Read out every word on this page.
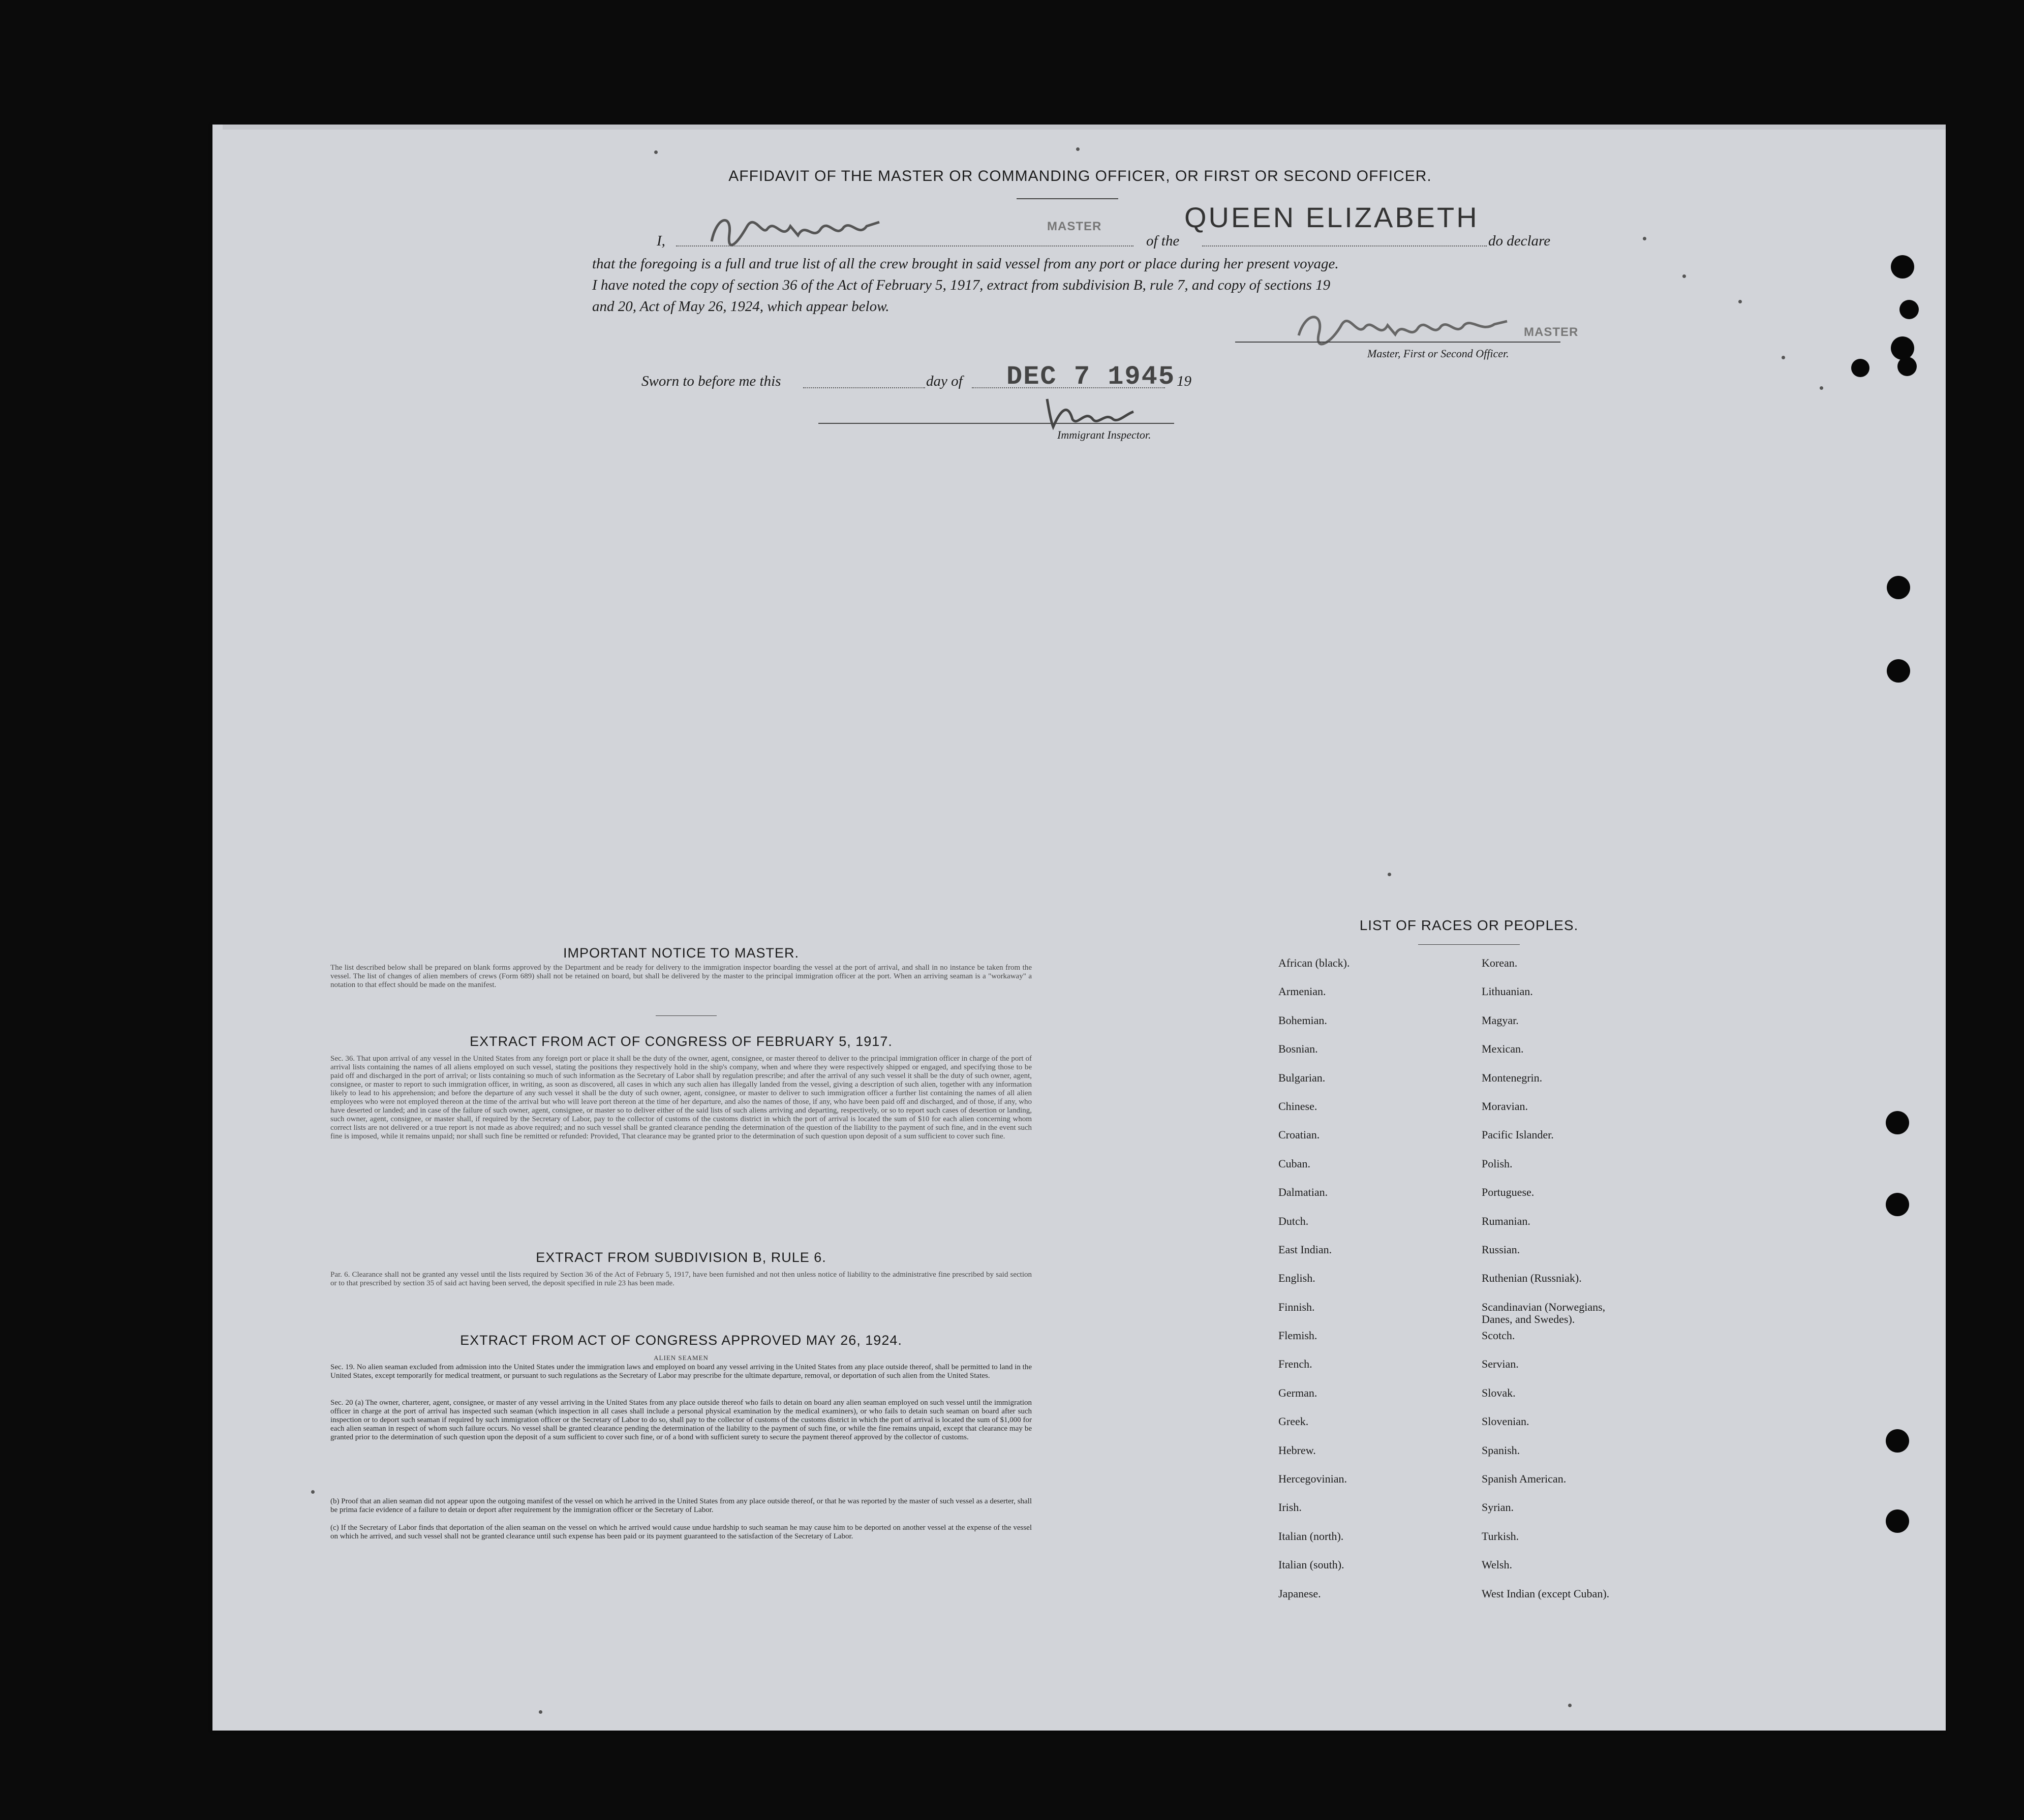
AFFIDAVIT OF THE MASTER OR COMMANDING OFFICER, OR FIRST OR SECOND OFFICER.
I,
MASTER
of the
QUEEN ELIZABETH
do declare
that the foregoing is a full and true list of all the crew brought in said vessel from any port or place during her present voyage.
I have noted the copy of section 36 of the Act of February 5, 1917, extract from subdivision B, rule 7, and copy of sections 19
and 20, Act of May 26, 1924, which appear below.
MASTER
Master, First or Second Officer.
Sworn to before me this	day of DEC 7 1945 19
Immigrant Inspector.
IMPORTANT NOTICE TO MASTER.

The list described below shall be prepared on blank forms approved by the Department and be ready for delivery to the immigration inspector boarding the vessel at the port of arrival, and shall in no instance be taken from the vessel. The list of changes of alien members of crews (Form 689) shall not be retained on board, but shall be delivered by the master to the principal immigration officer at the port. When an arriving seaman is a "workaway" a notation to that effect should be made on the manifest.

EXTRACT FROM ACT OF CONGRESS OF FEBRUARY 5, 1917.

Sec. 36. That upon arrival of any vessel in the United States from any foreign port or place it shall be the duty of the owner, agent, consignee, or master thereof to deliver to the principal immigration officer in charge of the port of arrival lists containing the names of all aliens employed on such vessel, stating the positions they respectively hold in the ship's company, when and where they were respectively shipped or engaged, and specifying those to be paid off and discharged in the port of arrival; or lists containing so much of such information as the Secretary of Labor shall by regulation prescribe; and after the arrival of any such vessel it shall be the duty of such owner, agent, consignee, or master to report to such immigration officer, in writing, as soon as discovered, all cases in which any such alien has illegally landed from the vessel, giving a description of such alien, together with any information likely to lead to his apprehension; and before the departure of any such vessel it shall be the duty of such owner, agent, consignee, or master to deliver to such immigration officer a further list containing the names of all alien employees who were not employed thereon at the time of the arrival but who will leave port thereon at the time of her departure, and also the names of those, if any, who have been paid off and discharged, and of those, if any, who have deserted or landed; and in case of the failure of such owner, agent, consignee, or master so to deliver either of the said lists of such aliens arriving and departing, respectively, or so to report such cases of desertion or landing, such owner, agent, consignee, or master shall, if required by the Secretary of Labor, pay to the collector of customs of the customs district in which the port of arrival is located the sum of $10 for each alien concerning whom correct lists are not delivered or a true report is not made as above required; and no such vessel shall be granted clearance pending the determination of the question of the liability to the payment of such fine, and in the event such fine is imposed, while it remains unpaid; nor shall such fine be remitted or refunded: Provided, That clearance may be granted prior to the determination of such question upon deposit of a sum sufficient to cover such fine.

EXTRACT FROM SUBDIVISION B, RULE 6.

Par. 6. Clearance shall not be granted any vessel until the lists required by Section 36 of the Act of February 5, 1917, have been furnished and not then unless notice of liability to the administrative fine prescribed by said section or to that prescribed by section 35 of said act having been served, the deposit specified in rule 23 has been made.

EXTRACT FROM ACT OF CONGRESS APPROVED MAY 26, 1924.
ALIEN SEAMEN

Sec. 19. No alien seaman excluded from admission into the United States under the immigration laws and employed on board any vessel arriving in the United States from any place outside thereof, shall be permitted to land in the United States, except temporarily for medical treatment, or pursuant to such regulations as the Secretary of Labor may prescribe for the ultimate departure, removal, or deportation of such alien from the United States.

Sec. 20 (a) The owner, charterer, agent, consignee, or master of any vessel arriving in the United States from any place outside thereof who fails to detain on board any alien seaman employed on such vessel until the immigration officer in charge at the port of arrival has inspected such seaman (which inspection in all cases shall include a personal physical examination by the medical examiners), or who fails to detain such seaman on board after such inspection or to deport such seaman if required by such immigration officer or the Secretary of Labor to do so, shall pay to the collector of customs of the customs district in which the port of arrival is located the sum of $1,000 for each alien seaman in respect of whom such failure occurs. No vessel shall be granted clearance pending the determination of the liability to the payment of such fine, or while the fine remains unpaid, except that clearance may be granted prior to the determination of such question upon the deposit of a sum sufficient to cover such fine, or of a bond with sufficient surety to secure the payment thereof approved by the collector of customs.

(b) Proof that an alien seaman did not appear upon the outgoing manifest of the vessel on which he arrived in the United States from any place outside thereof, or that he was reported by the master of such vessel as a deserter, shall be prima facie evidence of a failure to detain or deport after requirement by the immigration officer or the Secretary of Labor.

(c) If the Secretary of Labor finds that deportation of the alien seaman on the vessel on which he arrived would cause undue hardship to such seaman he may cause him to be deported on another vessel at the expense of the vessel on which he arrived, and such vessel shall not be granted clearance until such expense has been paid or its payment guaranteed to the satisfaction of the Secretary of Labor.

LIST OF RACES OR PEOPLES.
African (black).
Armenian.
Bohemian.
Bosnian.
Bulgarian.
Chinese.
Croatian.
Cuban.
Dalmatian.
Dutch.
East Indian.
English.
Finnish.
Flemish.
French.
German.
Greek.
Hebrew.
Hercegovinian.
Irish.
Italian (north).
Italian (south).
Japanese.
Korean.
Lithuanian.
Magyar.
Mexican.
Montenegrin.
Moravian.
Pacific Islander.
Polish.
Portuguese.
Rumanian.
Russian.
Ruthenian (Russniak).
Scandinavian (Norwegians,
Danes, and Swedes).
Scotch.
Servian.
Slovak.
Slovenian.
Spanish.
Spanish American.
Syrian.
Turkish.
Welsh.
West Indian (except Cuban).
